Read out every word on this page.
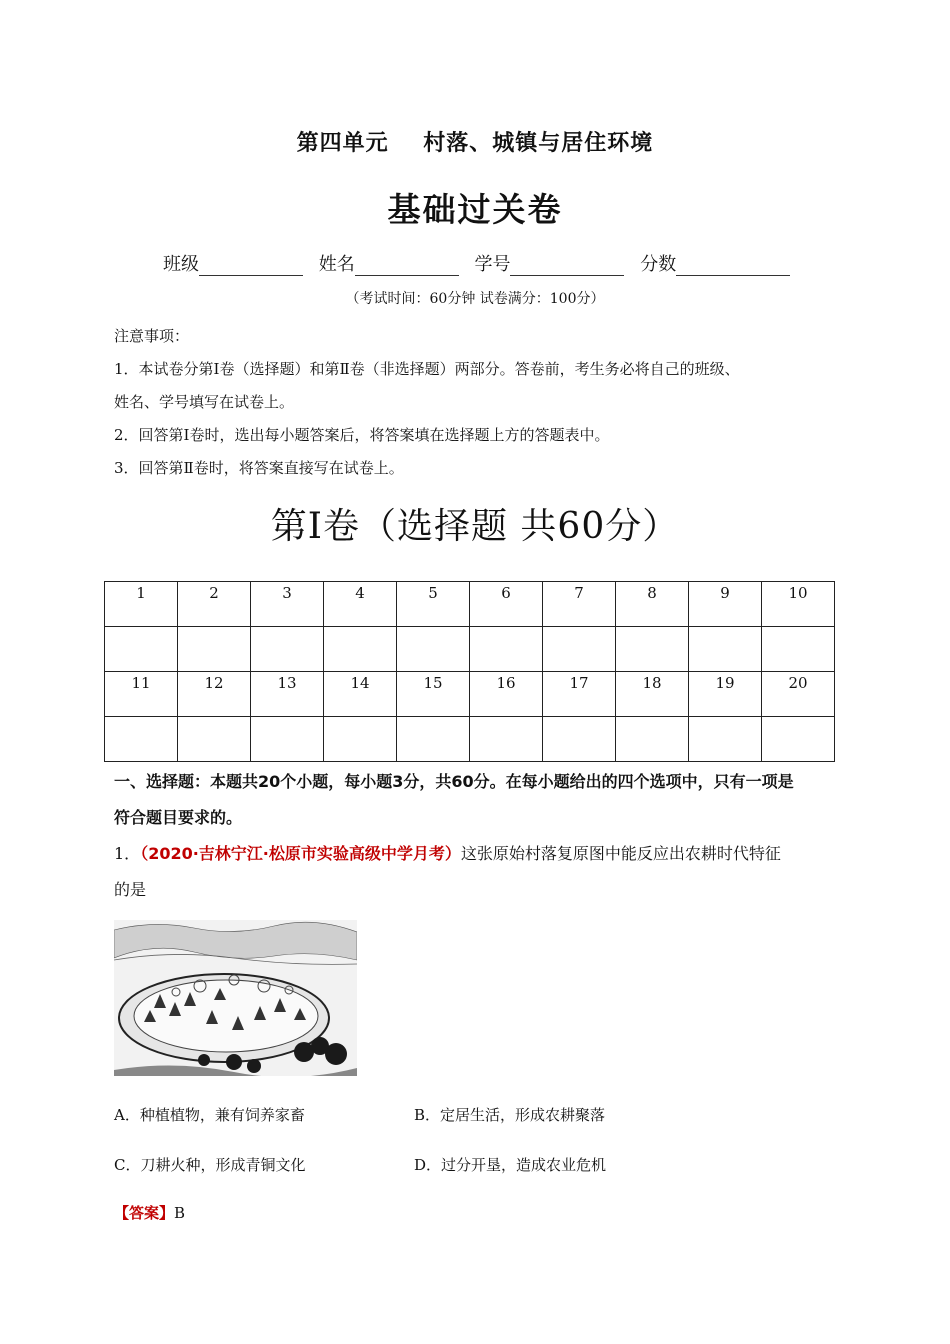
第四单元    村落、城镇与居住环境
基础过关卷
班级	姓名	学号	分数
（考试时间：60分钟 试卷满分：100分）

注意事项：

1．本试卷分第Ⅰ卷（选择题）和第Ⅱ卷（非选择题）两部分。答卷前，考生务必将自己的班级、

姓名、学号填写在试卷上。

2．回答第Ⅰ卷时，选出每小题答案后，将答案填在选择题上方的答题表中。

3．回答第Ⅱ卷时，将答案直接写在试卷上。

第Ⅰ卷（选择题 共60分）
1	2	3	4	5	6	7	8	9	10

11	12	13	14	15	16	17	18	19	20

一、选择题：本题共20个小题，每小题3分，共60分。在每小题给出的四个选项中，只有一项是
符合题目要求的。
1．（2020·吉林宁江·松原市实验高级中学月考）这张原始村落复原图中能反应出农耕时代特征
的是
A．种植植物，兼有饲养家畜	B．定居生活，形成农耕聚落
C．刀耕火种，形成青铜文化	D．过分开垦，造成农业危机
【答案】B
